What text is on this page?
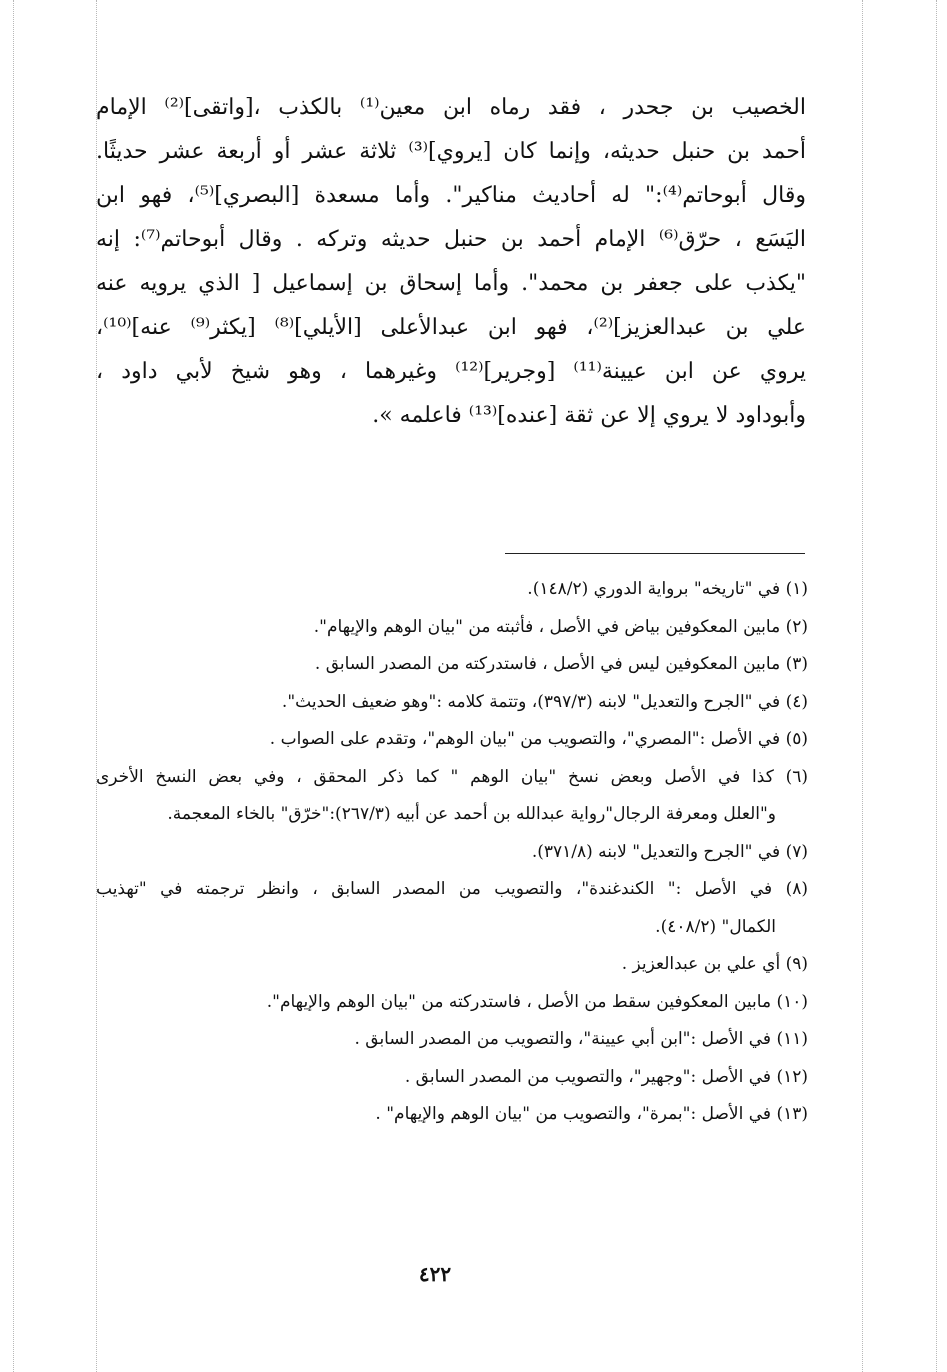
الخصيب بن جحدر ، فقد رماه ابن معين⁽¹⁾ بالكذب ،[واتقى]⁽²⁾ الإمام
أحمد بن حنبل حديثه، وإنما كان [يروي]⁽³⁾ ثلاثة عشر أو أربعة عشر حديثًا.
وقال أبوحاتم⁽⁴⁾:" له أحاديث مناكير". وأما مسعدة [البصري]⁽⁵⁾، فهو ابن
اليَسَع ، حرّق⁽⁶⁾ الإمام أحمد بن حنبل حديثه وتركه . وقال أبوحاتم⁽⁷⁾: إنه
"يكذب على جعفر بن محمد". وأما إسحاق بن إسماعيل [ الذي يرويه عنه
علي بن عبدالعزيز]⁽²⁾، فهو ابن عبدالأعلى [الأيلي]⁽⁸⁾ [يكثر⁽⁹⁾ عنه]⁽¹⁰⁾،
يروي عن ابن عيينة⁽¹¹⁾ [وجرير]⁽¹²⁾ وغيرهما ، وهو شيخ لأبي داود ،
وأبوداود لا يروي إلا عن ثقة [عنده]⁽¹³⁾ فاعلمه ».
(١) في "تاريخه" برواية الدوري (١٤٨/٢).
(٢) مابين المعكوفين بياض في الأصل ، فأثبته من "بيان الوهم والإيهام".
(٣) مابين المعكوفين ليس في الأصل ، فاستدركته من المصدر السابق .
(٤) في "الجرح والتعديل" لابنه (٣٩٧/٣)، وتتمة كلامه :"وهو ضعيف الحديث".
(٥) في الأصل :"المصري"، والتصويب من "بيان الوهم"، وتقدم على الصواب .
(٦) كذا في الأصل وبعض نسخ "بيان الوهم " كما ذكر المحقق ، وفي بعض النسخ الأخرى
و"العلل ومعرفة الرجال"رواية عبدالله بن أحمد عن أبيه (٢٦٧/٣):"خرّق" بالخاء المعجمة.
(٧) في "الجرح والتعديل" لابنه (٣٧١/٨).
(٨) في الأصل :" الكندغندة"، والتصويب من المصدر السابق ، وانظر ترجمته في "تهذيب
الكمال" (٤٠٨/٢).
(٩) أي علي بن عبدالعزيز .
(١٠) مابين المعكوفين سقط من الأصل ، فاستدركته من "بيان الوهم والإيهام".
(١١) في الأصل :"ابن أبي عيينة"، والتصويب من المصدر السابق .
(١٢) في الأصل :"وجهير"، والتصويب من المصدر السابق .
(١٣) في الأصل :"بمرة"، والتصويب من "بيان الوهم والإيهام" .
٤٢٢
